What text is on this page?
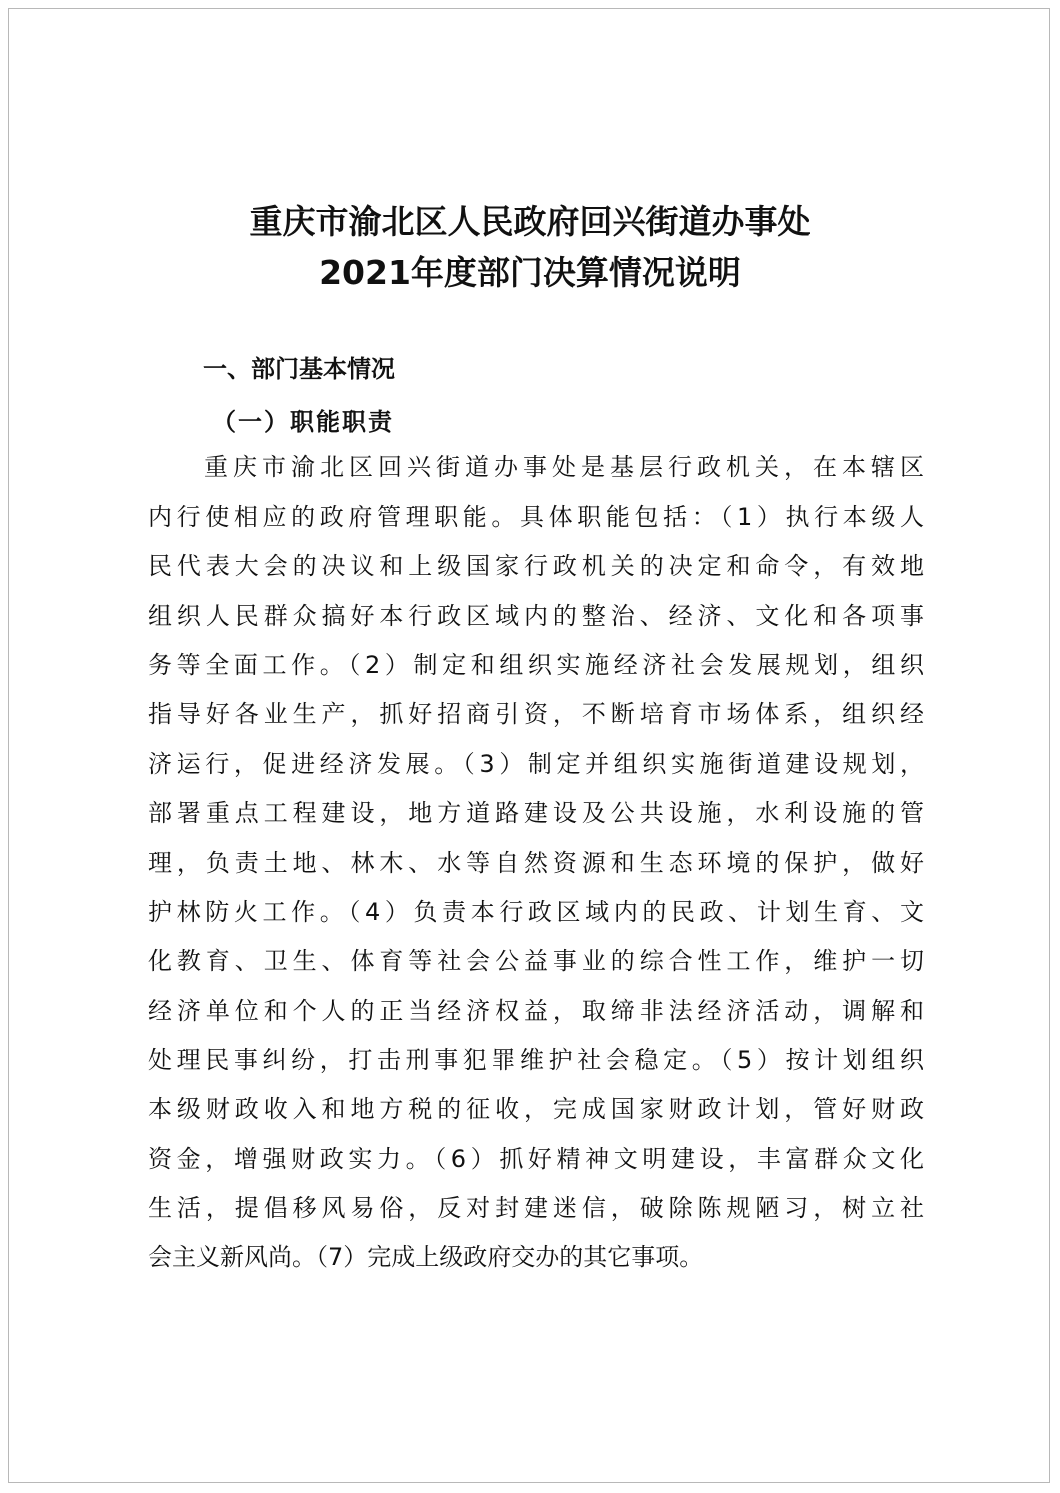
重庆市渝北区人民政府回兴街道办事处
2021年度部门决算情况说明
一、部门基本情况
（一）职能职责
重庆市渝北区回兴街道办事处是基层行政机关，在本辖区
内行使相应的政府管理职能。具体职能包括：（1）执行本级人
民代表大会的决议和上级国家行政机关的决定和命令，有效地
组织人民群众搞好本行政区域内的整治、经济、文化和各项事
务等全面工作。（2）制定和组织实施经济社会发展规划，组织
指导好各业生产，抓好招商引资，不断培育市场体系，组织经
济运行，促进经济发展。（3）制定并组织实施街道建设规划，
部署重点工程建设，地方道路建设及公共设施，水利设施的管
理，负责土地、林木、水等自然资源和生态环境的保护，做好
护林防火工作。（4）负责本行政区域内的民政、计划生育、文
化教育、卫生、体育等社会公益事业的综合性工作，维护一切
经济单位和个人的正当经济权益，取缔非法经济活动，调解和
处理民事纠纷，打击刑事犯罪维护社会稳定。（5）按计划组织
本级财政收入和地方税的征收，完成国家财政计划，管好财政
资金，增强财政实力。（6）抓好精神文明建设，丰富群众文化
生活，提倡移风易俗，反对封建迷信，破除陈规陋习，树立社
会主义新风尚。（7）完成上级政府交办的其它事项。
